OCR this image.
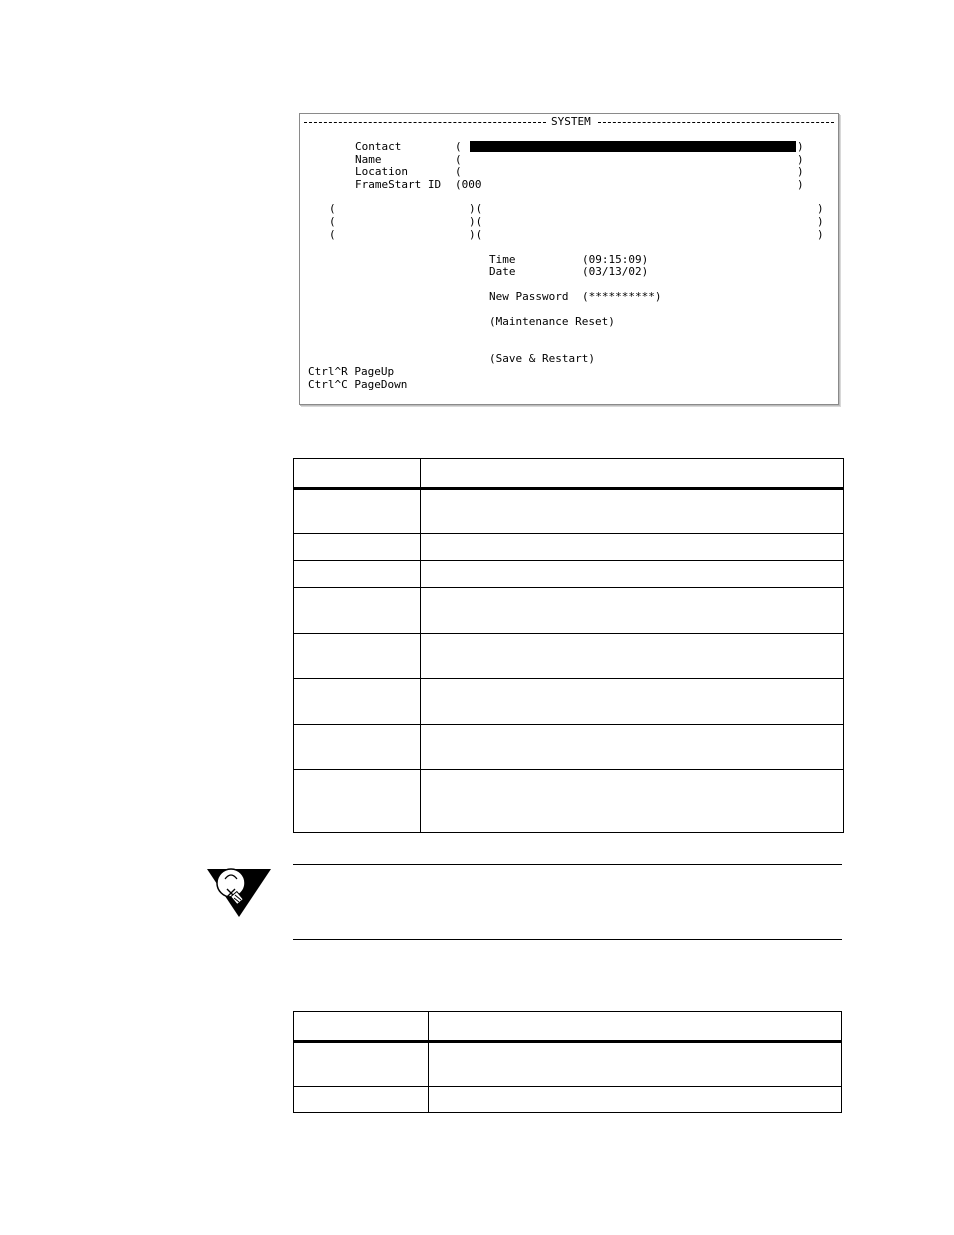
SYSTEM
Contact	(	)
Name	(	)
Location	(	)
FrameStart ID (000	)
(	)(	)
(	)(	)
(	)(	)
Time	(09:15:09)
Date	(03/13/02)
New Password (**********)
(Maintenance Reset)
(Save & Restart)
Ctrl^R PageUp
Ctrl^C PageDown
